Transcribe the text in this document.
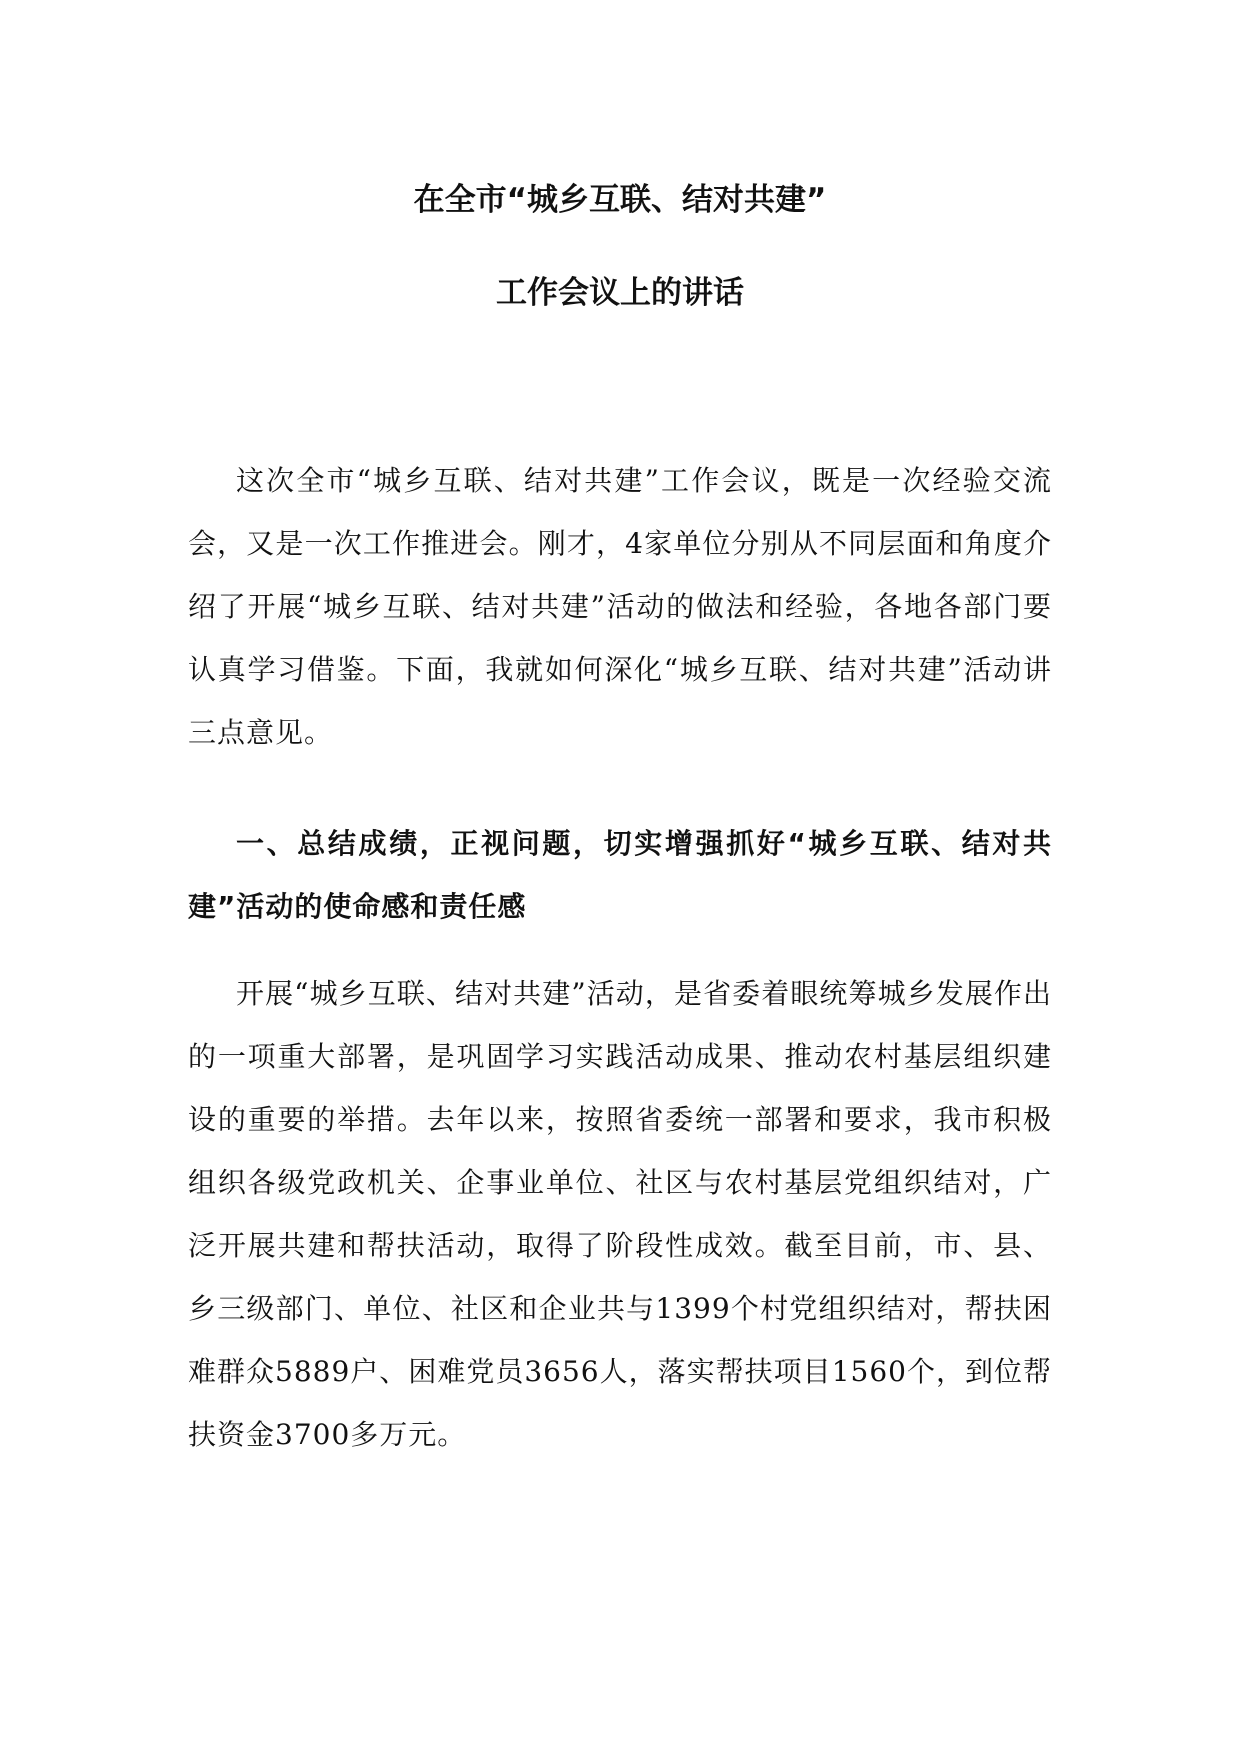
在全市“城乡互联、结对共建”
工作会议上的讲话

这次全市“城乡互联、结对共建”工作会议，既是一次经验交流会，又是一次工作推进会。刚才，4家单位分别从不同层面和角度介绍了开展“城乡互联、结对共建”活动的做法和经验，各地各部门要认真学习借鉴。下面，我就如何深化“城乡互联、结对共建”活动讲三点意见。

一、总结成绩，正视问题，切实增强抓好“城乡互联、结对共建”活动的使命感和责任感

开展“城乡互联、结对共建”活动，是省委着眼统筹城乡发展作出的一项重大部署，是巩固学习实践活动成果、推动农村基层组织建设的重要的举措。去年以来，按照省委统一部署和要求，我市积极组织各级党政机关、企事业单位、社区与农村基层党组织结对，广泛开展共建和帮扶活动，取得了阶段性成效。截至目前，市、县、乡三级部门、单位、社区和企业共与1399个村党组织结对，帮扶困难群众5889户、困难党员3656人，落实帮扶项目1560个，到位帮扶资金3700多万元。
